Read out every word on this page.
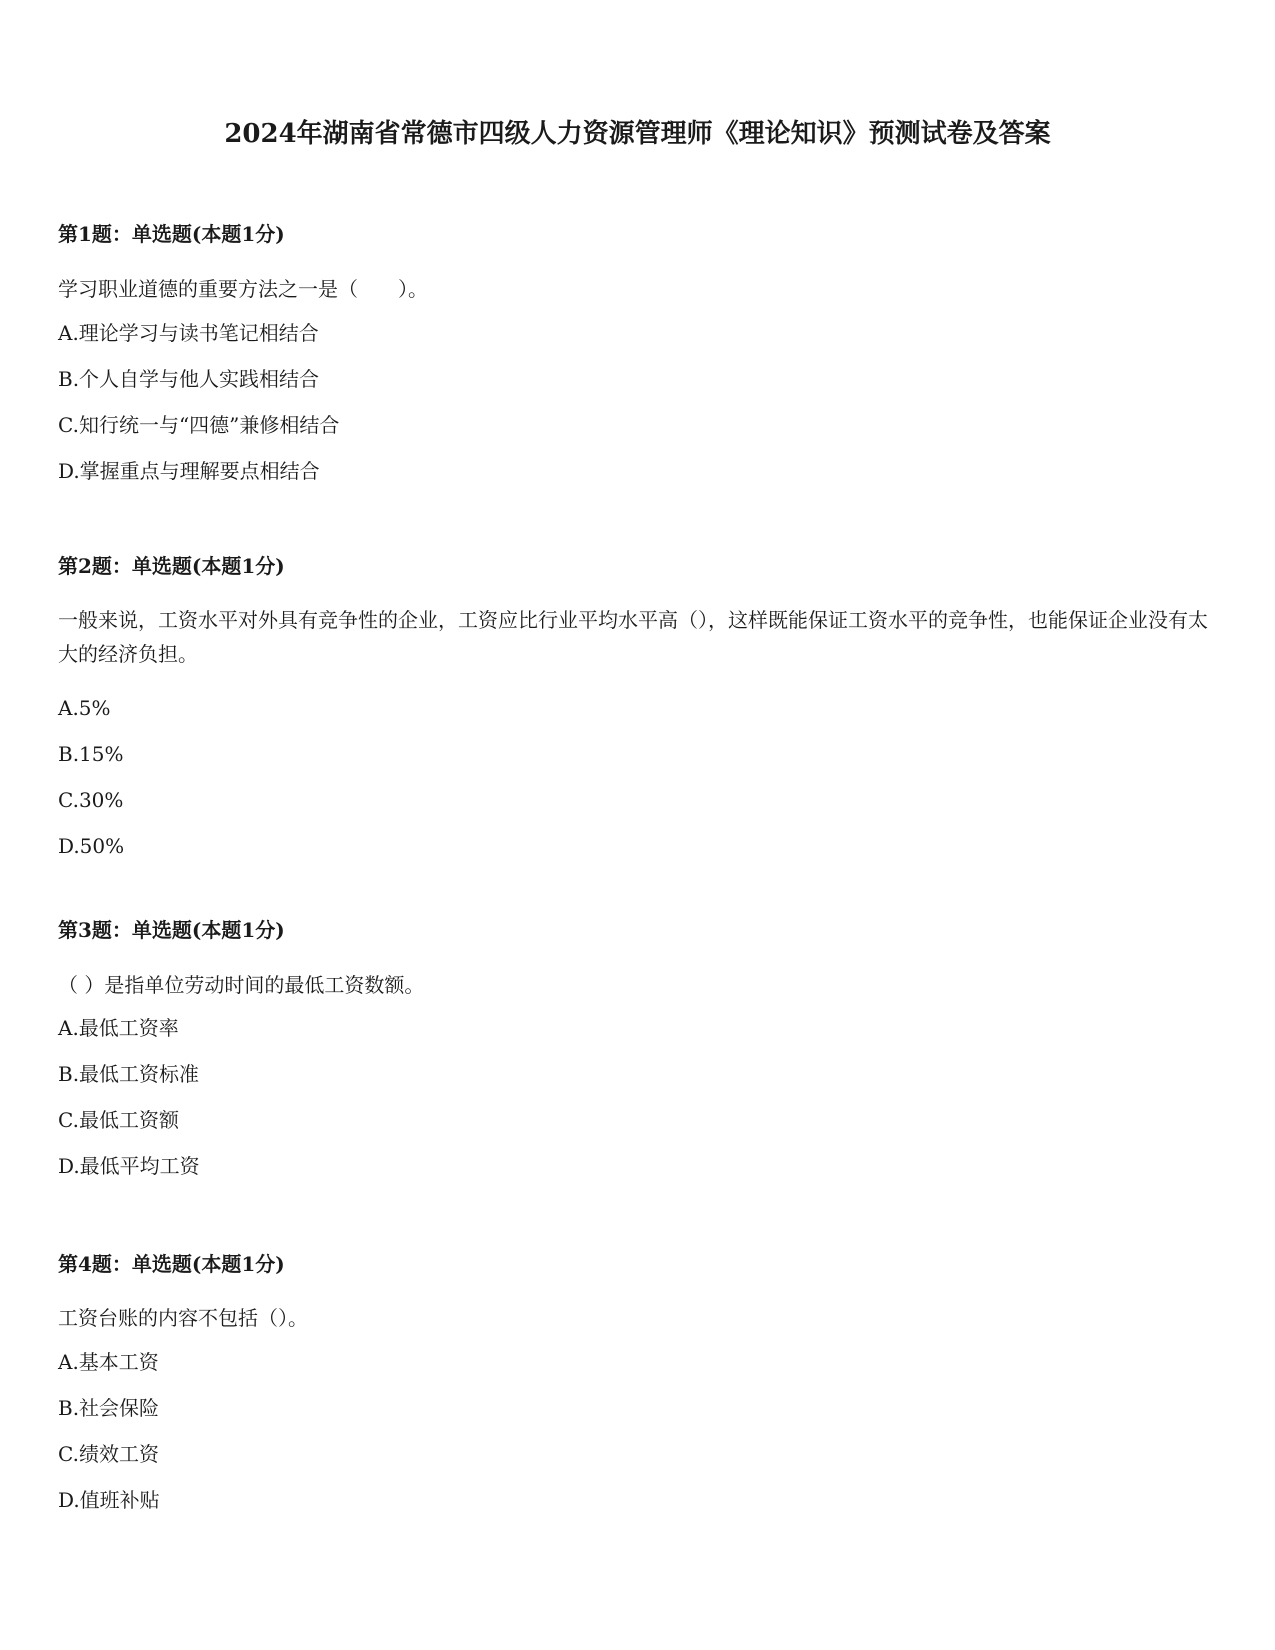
2024年湖南省常德市四级人力资源管理师《理论知识》预测试卷及答案

第1题：单选题(本题1分)

学习职业道德的重要方法之一是（　　）。

A.理论学习与读书笔记相结合

B.个人自学与他人实践相结合

C.知行统一与“四德”兼修相结合

D.掌握重点与理解要点相结合

第2题：单选题(本题1分)

一般来说，工资水平对外具有竞争性的企业，工资应比行业平均水平高（），这样既能保证工资水平的竞争性，也能保证企业没有太大的经济负担。

A.5%

B.15%

C.30%

D.50%

第3题：单选题(本题1分)

（ ）是指单位劳动时间的最低工资数额。

A.最低工资率

B.最低工资标准

C.最低工资额

D.最低平均工资

第4题：单选题(本题1分)

工资台账的内容不包括（）。

A.基本工资

B.社会保险

C.绩效工资

D.值班补贴
